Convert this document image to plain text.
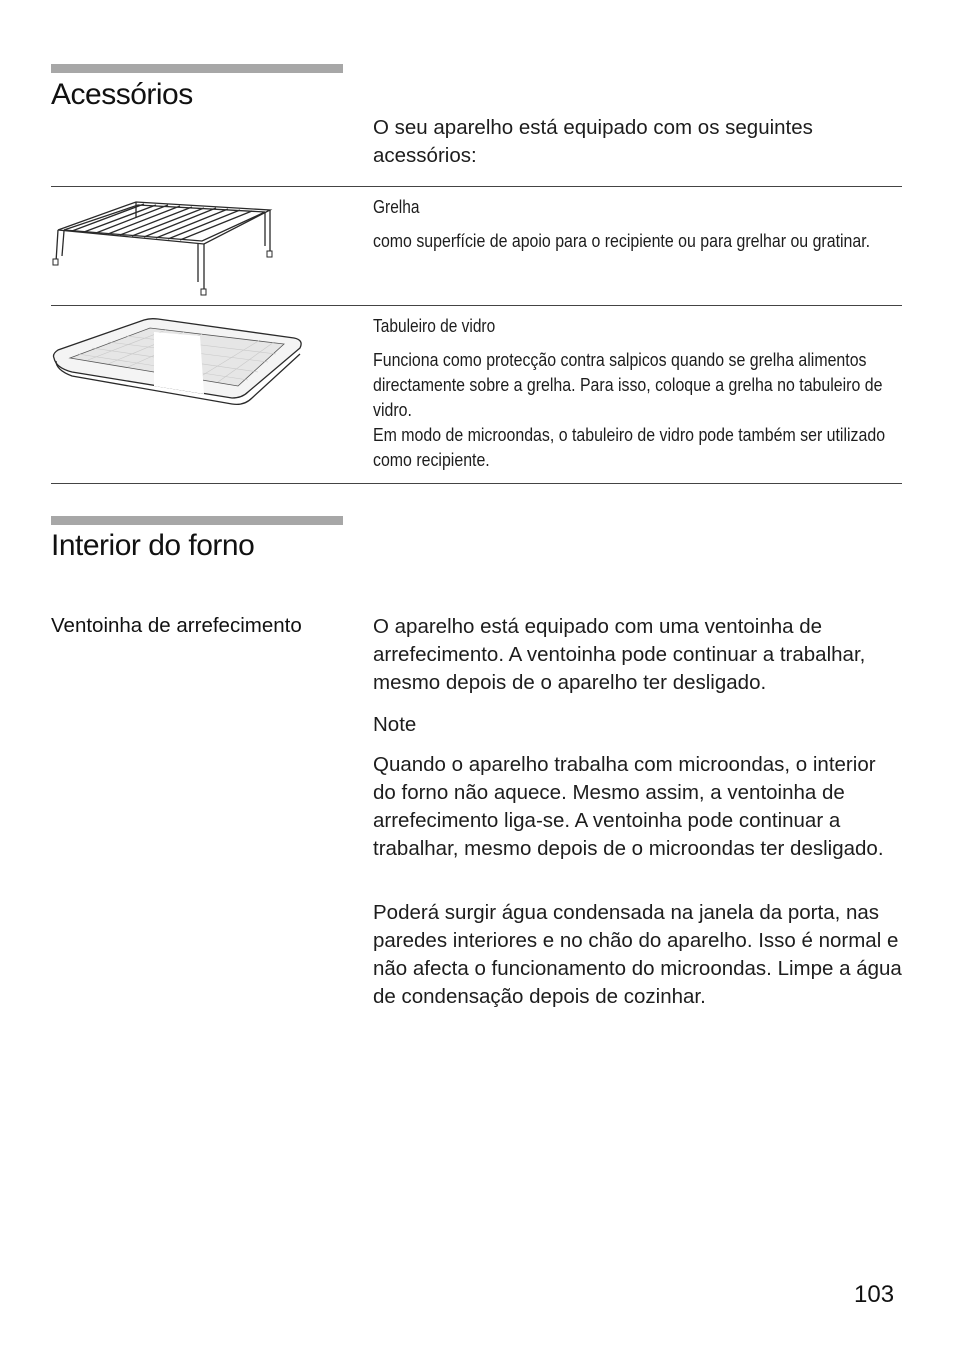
Acessórios
O seu aparelho está equipado com os seguintes acessórios:
Grelha
como superfície de apoio para o recipiente ou para grelhar ou gratinar.
Tabuleiro de vidro

Funciona como protecção contra salpicos quando se grelha alimentos directamente sobre a grelha. Para isso, coloque a grelha no tabuleiro de vidro.

Em modo de microondas, o tabuleiro de vidro pode também ser utilizado como recipiente.

Interior do forno
Ventoinha de arrefecimento	O aparelho está equipado com uma ventoinha de arrefecimento. A ventoinha pode continuar a trabalhar, mesmo depois de o aparelho ter desligado.
Note
Quando o aparelho trabalha com microondas, o interior do forno não aquece. Mesmo assim, a ventoinha de arrefecimento liga-se. A ventoinha pode continuar a trabalhar, mesmo depois de o microondas ter desligado.
Poderá surgir água condensada na janela da porta, nas paredes interiores e no chão do aparelho. Isso é normal e não afecta o funcionamento do microondas. Limpe a água de condensação depois de cozinhar.
103
